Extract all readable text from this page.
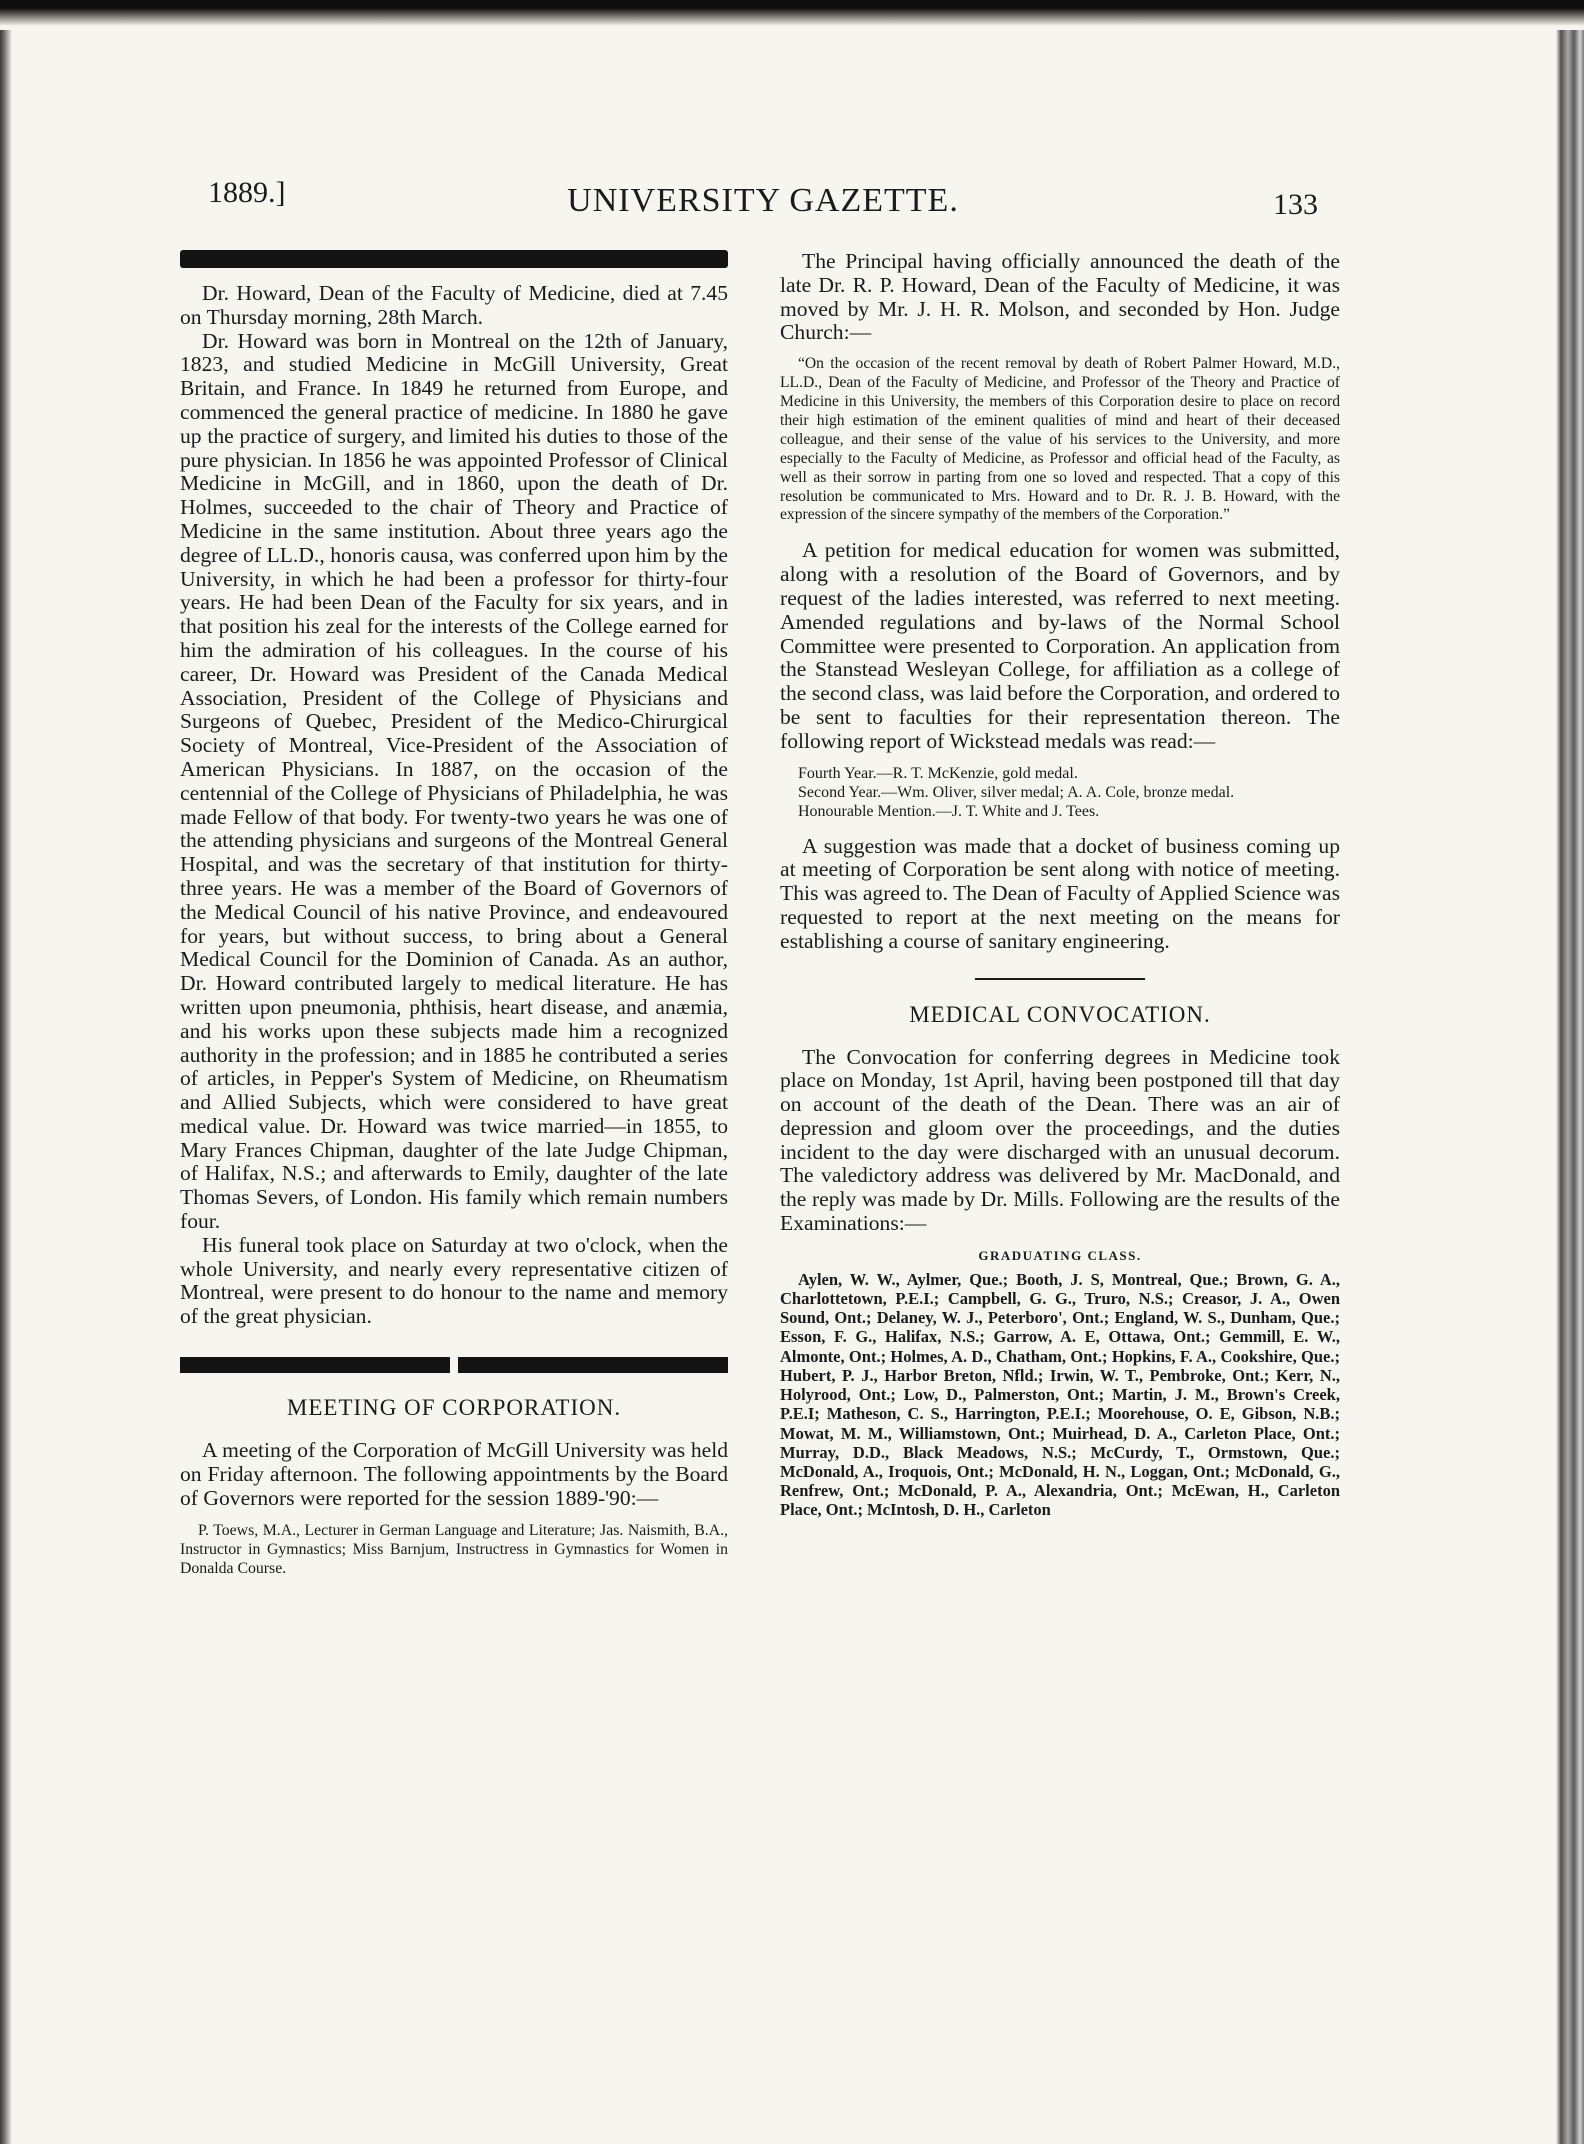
1889.]	UNIVERSITY GAZETTE.	133

Dr. Howard, Dean of the Faculty of Medicine, died at 7.45 on Thursday morning, 28th March.

Dr. Howard was born in Montreal on the 12th of January, 1823, and studied Medicine in McGill University, Great Britain, and France. In 1849 he returned from Europe, and commenced the general practice of medicine. In 1880 he gave up the practice of surgery, and limited his duties to those of the pure physician. In 1856 he was appointed Professor of Clinical Medicine in McGill, and in 1860, upon the death of Dr. Holmes, succeeded to the chair of Theory and Practice of Medicine in the same institution. About three years ago the degree of LL.D., honoris causa, was conferred upon him by the University, in which he had been a professor for thirty-four years. He had been Dean of the Faculty for six years, and in that position his zeal for the interests of the College earned for him the admiration of his colleagues. In the course of his career, Dr. Howard was President of the Canada Medical Association, President of the College of Physicians and Surgeons of Quebec, President of the Medico-Chirurgical Society of Montreal, Vice-President of the Association of American Physicians. In 1887, on the occasion of the centennial of the College of Physicians of Philadelphia, he was made Fellow of that body. For twenty-two years he was one of the attending physicians and surgeons of the Montreal General Hospital, and was the secretary of that institution for thirty-three years. He was a member of the Board of Governors of the Medical Council of his native Province, and endeavoured for years, but without success, to bring about a General Medical Council for the Dominion of Canada. As an author, Dr. Howard contributed largely to medical literature. He has written upon pneumonia, phthisis, heart disease, and anæmia, and his works upon these subjects made him a recognized authority in the profession; and in 1885 he contributed a series of articles, in Pepper's System of Medicine, on Rheumatism and Allied Subjects, which were considered to have great medical value. Dr. Howard was twice married—in 1855, to Mary Frances Chipman, daughter of the late Judge Chipman, of Halifax, N.S.; and afterwards to Emily, daughter of the late Thomas Severs, of London. His family which remain numbers four.

His funeral took place on Saturday at two o'clock, when the whole University, and nearly every representative citizen of Montreal, were present to do honour to the name and memory of the great physician.

MEETING OF CORPORATION.

A meeting of the Corporation of McGill University was held on Friday afternoon. The following appointments by the Board of Governors were reported for the session 1889-'90:—

P. Toews, M.A., Lecturer in German Language and Literature; Jas. Naismith, B.A., Instructor in Gymnastics; Miss Barnjum, Instructress in Gymnastics for Women in Donalda Course.

The Principal having officially announced the death of the late Dr. R. P. Howard, Dean of the Faculty of Medicine, it was moved by Mr. J. H. R. Molson, and seconded by Hon. Judge Church:—

“On the occasion of the recent removal by death of Robert Palmer Howard, M.D., LL.D., Dean of the Faculty of Medicine, and Professor of the Theory and Practice of Medicine in this University, the members of this Corporation desire to place on record their high estimation of the eminent qualities of mind and heart of their deceased colleague, and their sense of the value of his services to the University, and more especially to the Faculty of Medicine, as Professor and official head of the Faculty, as well as their sorrow in parting from one so loved and respected. That a copy of this resolution be communicated to Mrs. Howard and to Dr. R. J. B. Howard, with the expression of the sincere sympathy of the members of the Corporation.”

A petition for medical education for women was submitted, along with a resolution of the Board of Governors, and by request of the ladies interested, was referred to next meeting. Amended regulations and by-laws of the Normal School Committee were presented to Corporation. An application from the Stanstead Wesleyan College, for affiliation as a college of the second class, was laid before the Corporation, and ordered to be sent to faculties for their representation thereon. The following report of Wickstead medals was read:—

Fourth Year.—R. T. McKenzie, gold medal.

Second Year.—Wm. Oliver, silver medal; A. A. Cole, bronze medal.

Honourable Mention.—J. T. White and J. Tees.

A suggestion was made that a docket of business coming up at meeting of Corporation be sent along with notice of meeting. This was agreed to. The Dean of Faculty of Applied Science was requested to report at the next meeting on the means for establishing a course of sanitary engineering.

MEDICAL CONVOCATION.

The Convocation for conferring degrees in Medicine took place on Monday, 1st April, having been postponed till that day on account of the death of the Dean. There was an air of depression and gloom over the proceedings, and the duties incident to the day were discharged with an unusual decorum. The valedictory address was delivered by Mr. MacDonald, and the reply was made by Dr. Mills. Following are the results of the Examinations:—

GRADUATING CLASS.

Aylen, W. W., Aylmer, Que.; Booth, J. S, Montreal, Que.; Brown, G. A., Charlottetown, P.E.I.; Campbell, G. G., Truro, N.S.; Creasor, J. A., Owen Sound, Ont.; Delaney, W. J., Peterboro', Ont.; England, W. S., Dunham, Que.; Esson, F. G., Halifax, N.S.; Garrow, A. E, Ottawa, Ont.; Gemmill, E. W., Almonte, Ont.; Holmes, A. D., Chatham, Ont.; Hopkins, F. A., Cookshire, Que.; Hubert, P. J., Harbor Breton, Nfld.; Irwin, W. T., Pembroke, Ont.; Kerr, N., Holyrood, Ont.; Low, D., Palmerston, Ont.; Martin, J. M., Brown's Creek, P.E.I; Matheson, C. S., Harrington, P.E.I.; Moorehouse, O. E, Gibson, N.B.; Mowat, M. M., Williamstown, Ont.; Muirhead, D. A., Carleton Place, Ont.; Murray, D.D., Black Meadows, N.S.; McCurdy, T., Ormstown, Que.; McDonald, A., Iroquois, Ont.; McDonald, H. N., Loggan, Ont.; McDonald, G., Renfrew, Ont.; McDonald, P. A., Alexandria, Ont.; McEwan, H., Carleton Place, Ont.; McIntosh, D. H., Carleton
